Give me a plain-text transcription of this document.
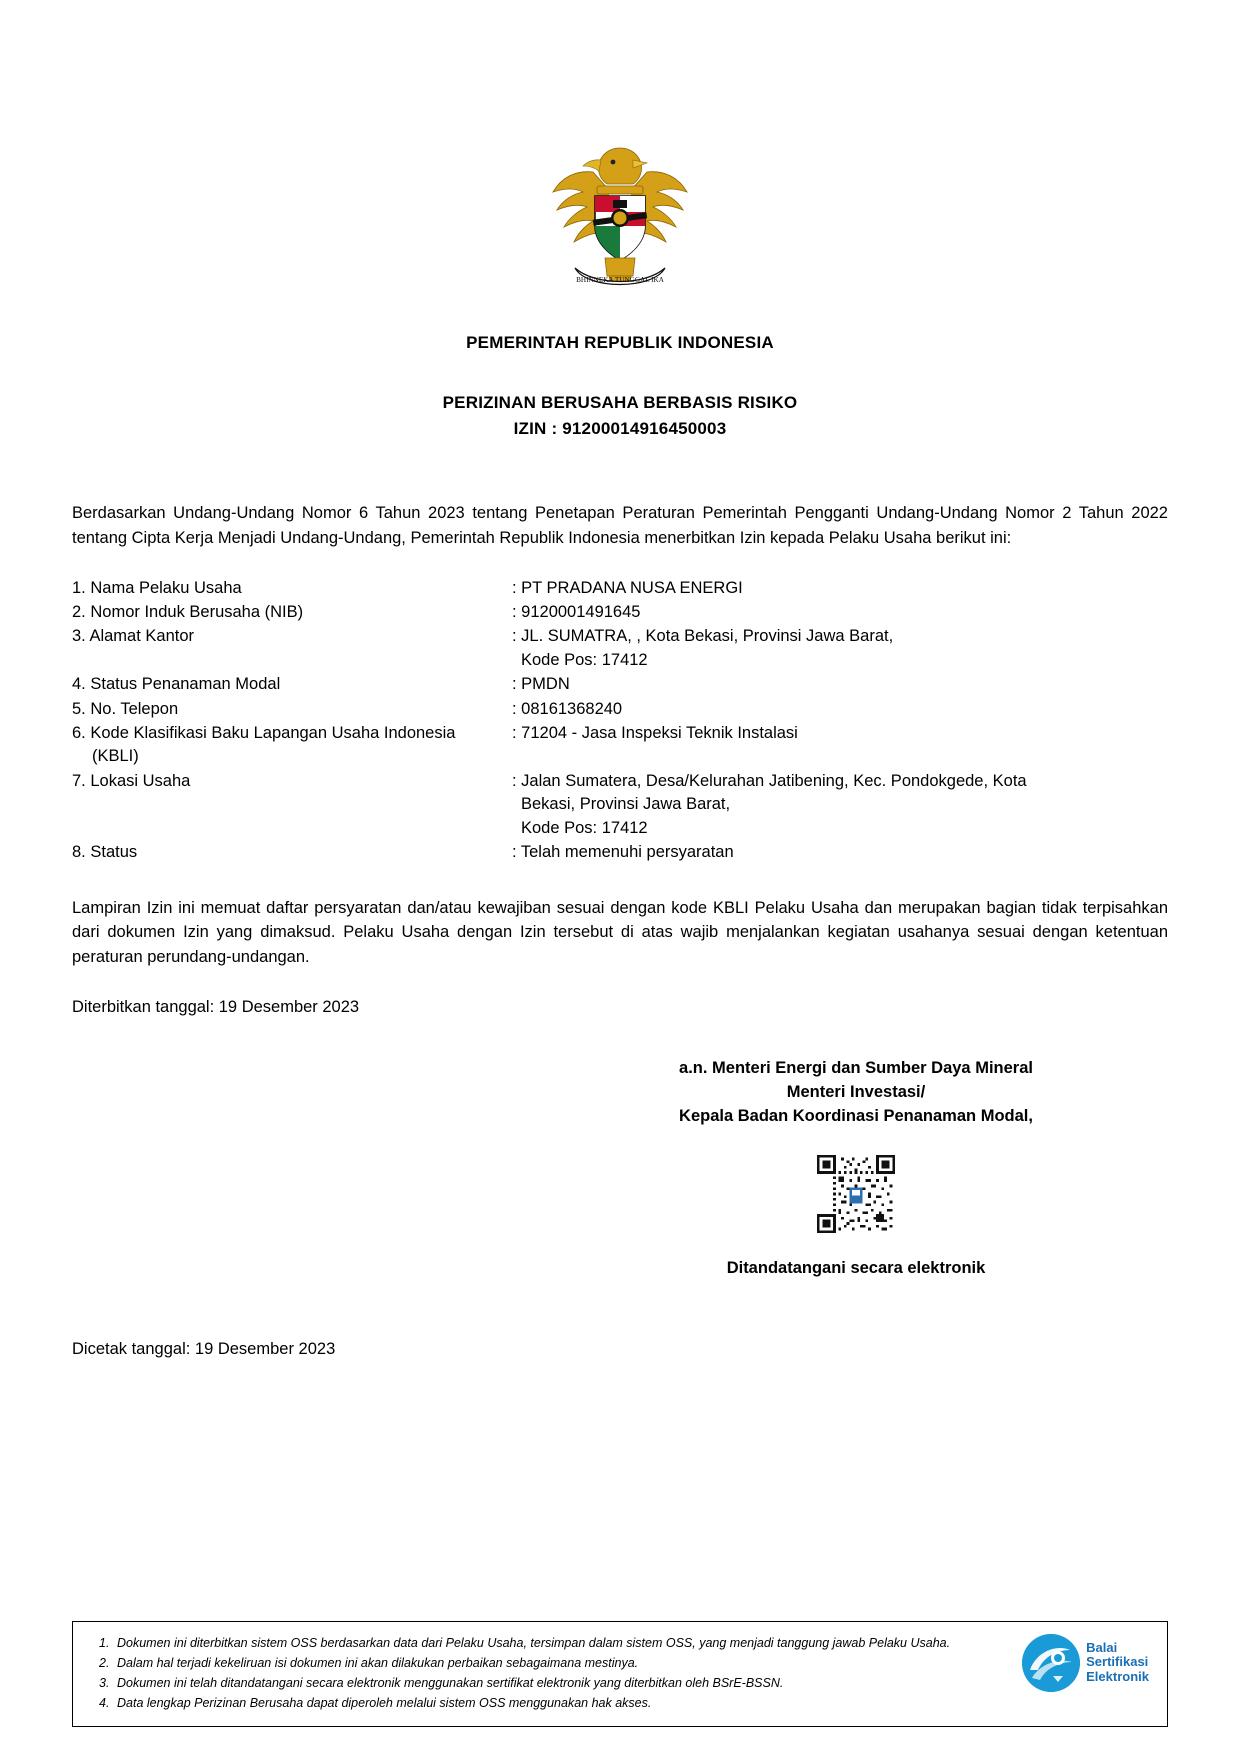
BHINNEKA TUNGGAL IKA
PEMERINTAH REPUBLIK INDONESIA
PERIZINAN BERUSAHA BERBASIS RISIKO
IZIN : 91200014916450003
Berdasarkan Undang-Undang Nomor 6 Tahun 2023 tentang Penetapan Peraturan Pemerintah Pengganti Undang-Undang Nomor 2 Tahun 2022 tentang Cipta Kerja Menjadi Undang-Undang, Pemerintah Republik Indonesia menerbitkan Izin kepada Pelaku Usaha berikut ini:
1. Nama Pelaku Usaha	: PT PRADANA NUSA ENERGI
2. Nomor Induk Berusaha (NIB)	: 9120001491645
3. Alamat Kantor	: JL. SUMATRA, , Kota Bekasi, Provinsi Jawa Barat,
Kode Pos: 17412

4. Status Penanaman Modal	: PMDN
5. No. Telepon	: 08161368240
6. Kode Klasifikasi Baku Lapangan Usaha Indonesia
(KBLI)	: 71204 - Jasa Inspeksi Teknik Instalasi
7. Lokasi Usaha	: Jalan Sumatera, Desa/Kelurahan Jatibening, Kec. Pondokgede, Kota
Bekasi, Provinsi Jawa Barat,
Kode Pos: 17412

8. Status	: Telah memenuhi persyaratan
Lampiran Izin ini memuat daftar persyaratan dan/atau kewajiban sesuai dengan kode KBLI Pelaku Usaha dan merupakan bagian tidak terpisahkan dari dokumen Izin yang dimaksud. Pelaku Usaha dengan Izin tersebut di atas wajib menjalankan kegiatan usahanya sesuai dengan ketentuan peraturan perundang-undangan.
Diterbitkan tanggal: 19 Desember 2023
a.n. Menteri Energi dan Sumber Daya Mineral
Menteri Investasi/
Kepala Badan Koordinasi Penanaman Modal,
Ditandatangani secara elektronik
Dicetak tanggal: 19 Desember 2023
1. Dokumen ini diterbitkan sistem OSS berdasarkan data dari Pelaku Usaha, tersimpan dalam sistem OSS, yang menjadi tanggung jawab Pelaku Usaha.
2. Dalam hal terjadi kekeliruan isi dokumen ini akan dilakukan perbaikan sebagaimana mestinya.
3. Dokumen ini telah ditandatangani secara elektronik menggunakan sertifikat elektronik yang diterbitkan oleh BSrE-BSSN.
4. Data lengkap Perizinan Berusaha dapat diperoleh melalui sistem OSS menggunakan hak akses.
Balai
Sertifikasi
Elektronik
